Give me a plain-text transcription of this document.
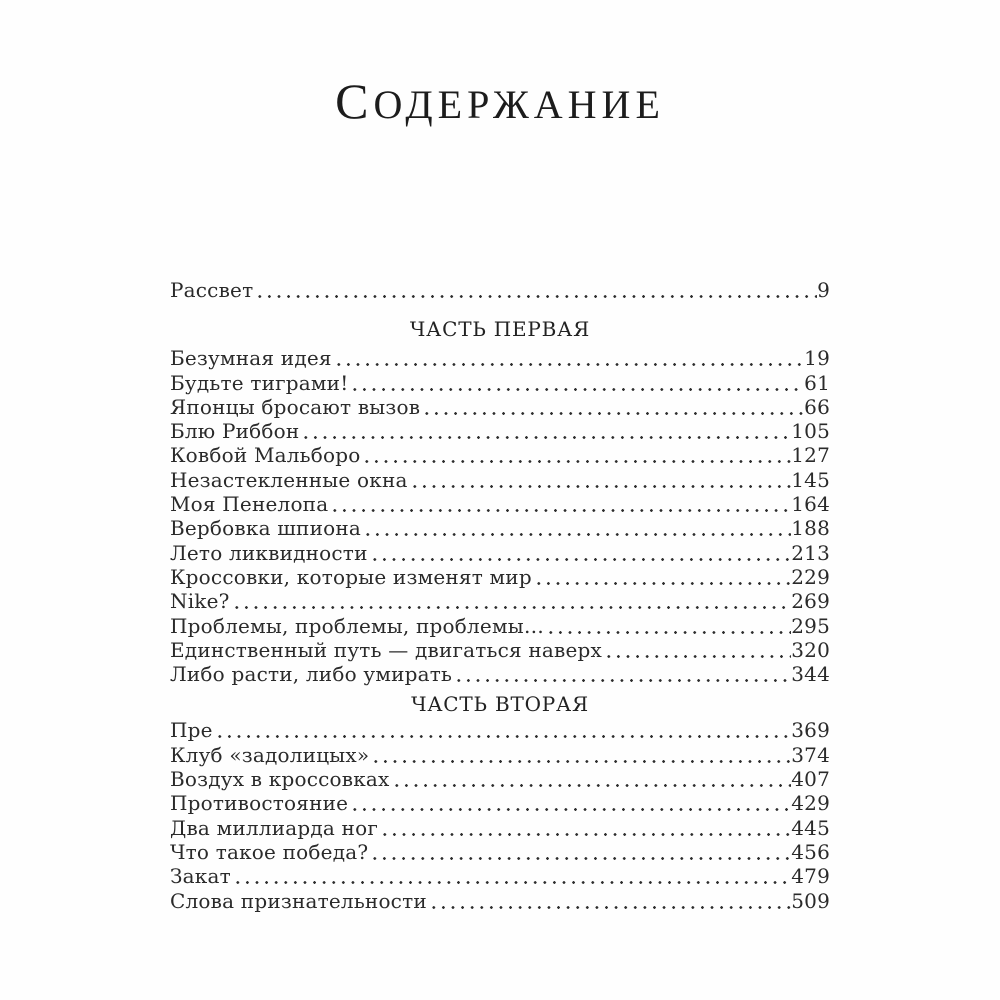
СОДЕРЖАНИЕ
Рассвет	9
ЧАСТЬ ПЕРВАЯ
Безумная идея	19
Будьте тиграми!	61
Японцы бросают вызов	66
Блю Риббон	105
Ковбой Мальборо	127
Незастекленные окна	145
Моя Пенелопа	164
Вербовка шпиона	188
Лето ликвидности	213
Кроссовки, которые изменят мир	229
Nike?	269
Проблемы, проблемы, проблемы…	295
Единственный путь — двигаться наверх	320
Либо расти, либо умирать	344
ЧАСТЬ ВТОРАЯ
Пре	369
Клуб «задолицых»	374
Воздух в кроссовках	407
Противостояние	429
Два миллиарда ног	445
Что такое победа?	456
Закат	479
Слова признательности	509
